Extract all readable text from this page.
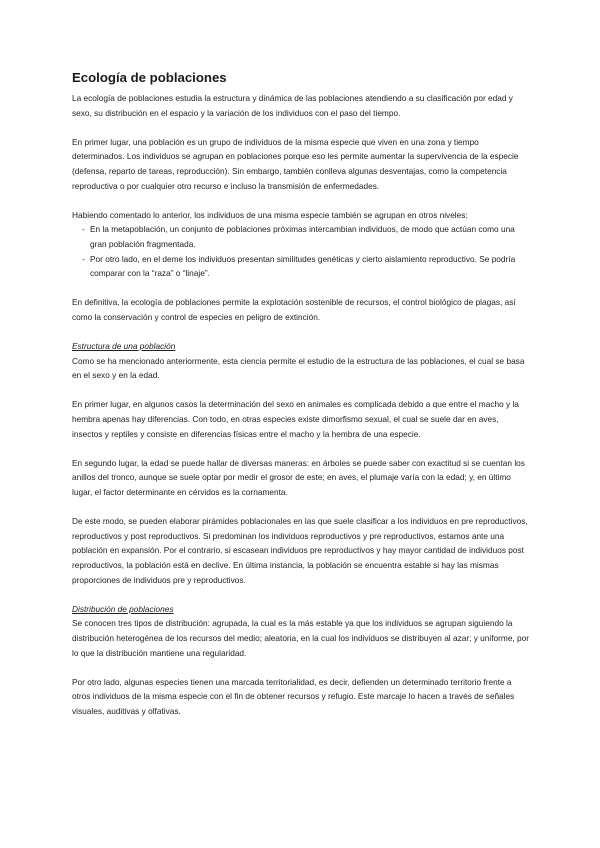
Ecología de poblaciones

La ecología de poblaciones estudia la estructura y dinámica de las poblaciones atendiendo a su clasificación por edad y sexo, su distribución en el espacio y la variación de los individuos con el paso del tiempo.

En primer lugar, una población es un grupo de individuos de la misma especie que viven en una zona y tiempo determinados. Los individuos se agrupan en poblaciones porque eso les permite aumentar la supervivencia de la especie (defensa, reparto de tareas, reproducción). Sin embargo, también conlleva algunas desventajas, como la competencia reproductiva o por cualquier otro recurso e incluso la transmisión de enfermedades.

Habiendo comentado lo anterior, los individuos de una misma especie también se agrupan en otros niveles:

- En la metapoblación, un conjunto de poblaciones próximas intercambian individuos, de modo que actúan como una gran población fragmentada.
- Por otro lado, en el deme los individuos presentan similitudes genéticas y cierto aislamiento reproductivo. Se podría comparar con la “raza” o “linaje”.

En definitiva, la ecología de poblaciones permite la explotación sostenible de recursos, el control biológico de plagas, así como la conservación y control de especies en peligro de extinción.

Estructura de una población

Como se ha mencionado anteriormente, esta ciencia permite el estudio de la estructura de las poblaciones, el cual se basa en el sexo y en la edad.

En primer lugar, en algunos casos la determinación del sexo en animales es complicada debido a que entre el macho y la hembra apenas hay diferencias. Con todo, en otras especies existe dimorfismo sexual, el cual se suele dar en aves, insectos y reptiles y consiste en diferencias físicas entre el macho y la hembra de una especie.

En segundo lugar, la edad se puede hallar de diversas maneras: en árboles se puede saber con exactitud si se cuentan los anillos del tronco, aunque se suele optar por medir el grosor de este; en aves, el plumaje varía con la edad; y, en último lugar, el factor determinante en cérvidos es la cornamenta.

De este modo, se pueden elaborar pirámides poblacionales en las que suele clasificar a los individuos en pre reproductivos, reproductivos y post reproductivos. Si predominan los individuos reproductivos y pre reproductivos, estamos ante una población en expansión. Por el contrario, si escasean individuos pre reproductivos y hay mayor cantidad de individuos post reproductivos, la población está en declive. En última instancia, la población se encuentra estable si hay las mismas proporciones de individuos pre y reproductivos.

Distribución de poblaciones

Se conocen tres tipos de distribución: agrupada, la cual es la más estable ya que los individuos se agrupan siguiendo la distribución heterogénea de los recursos del medio; aleatoria, en la cual los individuos se distribuyen al azar; y uniforme, por lo que la distribución mantiene una regularidad.

Por otro lado, algunas especies tienen una marcada territorialidad, es decir, defienden un determinado territorio frente a otros individuos de la misma especie con el fin de obtener recursos y refugio. Este marcaje lo hacen a través de señales visuales, auditivas y olfativas.
